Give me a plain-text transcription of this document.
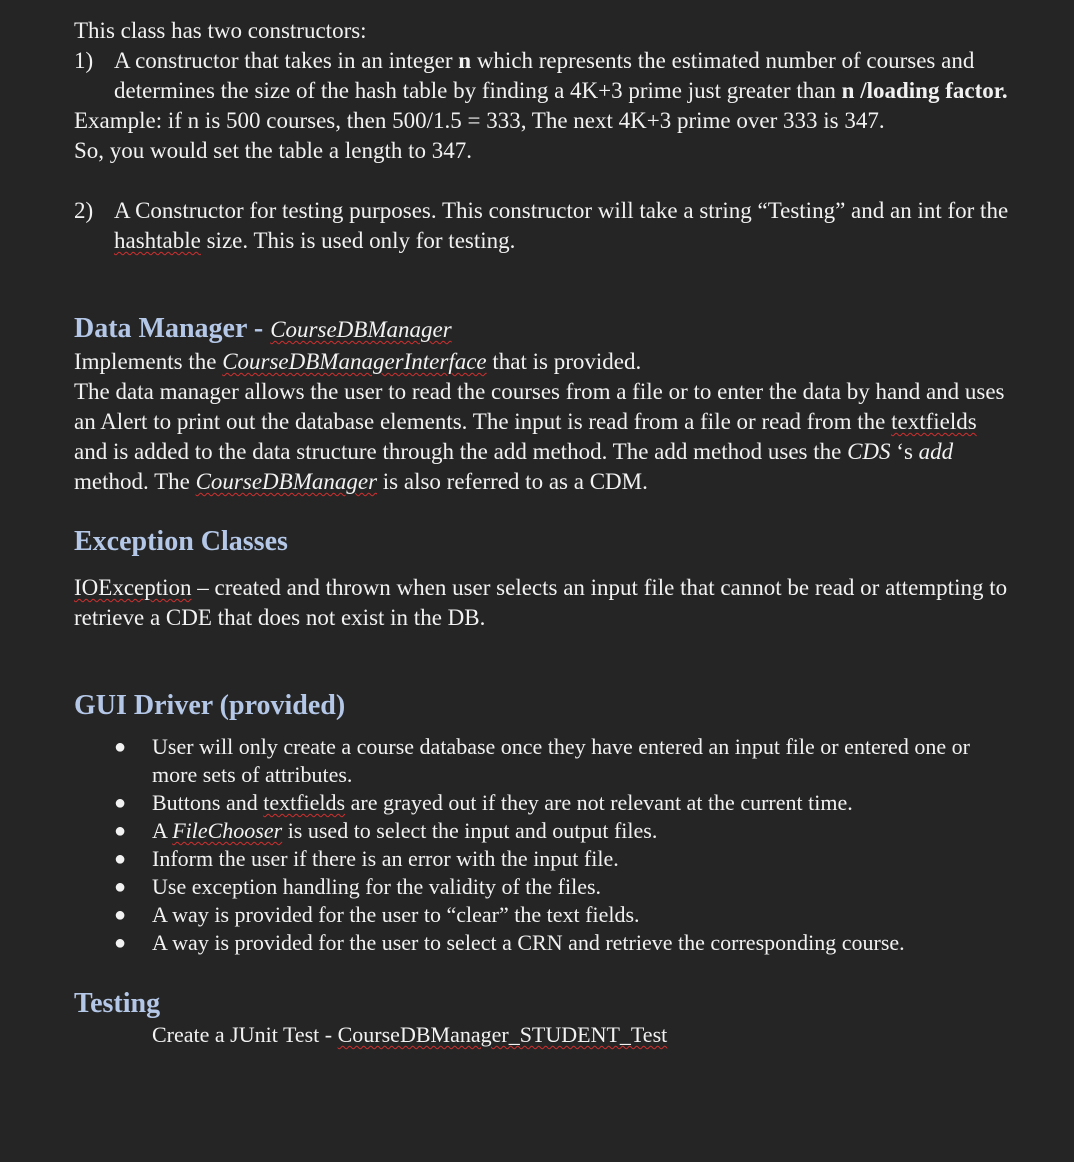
This class has two constructors:

1) A constructor that takes in an integer n which represents the estimated number of courses and determines the size of the hash table by finding a 4K+3 prime just greater than n /loading factor.

Example: if n is 500 courses, then 500/1.5 = 333, The next 4K+3 prime over 333 is 347.

So, you would set the table a length to 347.

2) A Constructor for testing purposes. This constructor will take a string “Testing” and an int for the hashtable size. This is used only for testing.

Data Manager - CourseDBManager

Implements the CourseDBManagerInterface that is provided.

The data manager allows the user to read the courses from a file or to enter the data by hand and uses an Alert to print out the database elements. The input is read from a file or read from the textfields and is added to the data structure through the add method. The add method uses the CDS ‘s add method. The CourseDBManager is also referred to as a CDM.

Exception Classes

IOException – created and thrown when user selects an input file that cannot be read or attempting to retrieve a CDE that does not exist in the DB.

GUI Driver (provided)

● User will only create a course database once they have entered an input file or entered one or more sets of attributes.
● Buttons and textfields are grayed out if they are not relevant at the current time.
● A FileChooser is used to select the input and output files.
● Inform the user if there is an error with the input file.
● Use exception handling for the validity of the files.
● A way is provided for the user to “clear” the text fields.
● A way is provided for the user to select a CRN and retrieve the corresponding course.

Testing

Create a JUnit Test - CourseDBManager_STUDENT_Test
